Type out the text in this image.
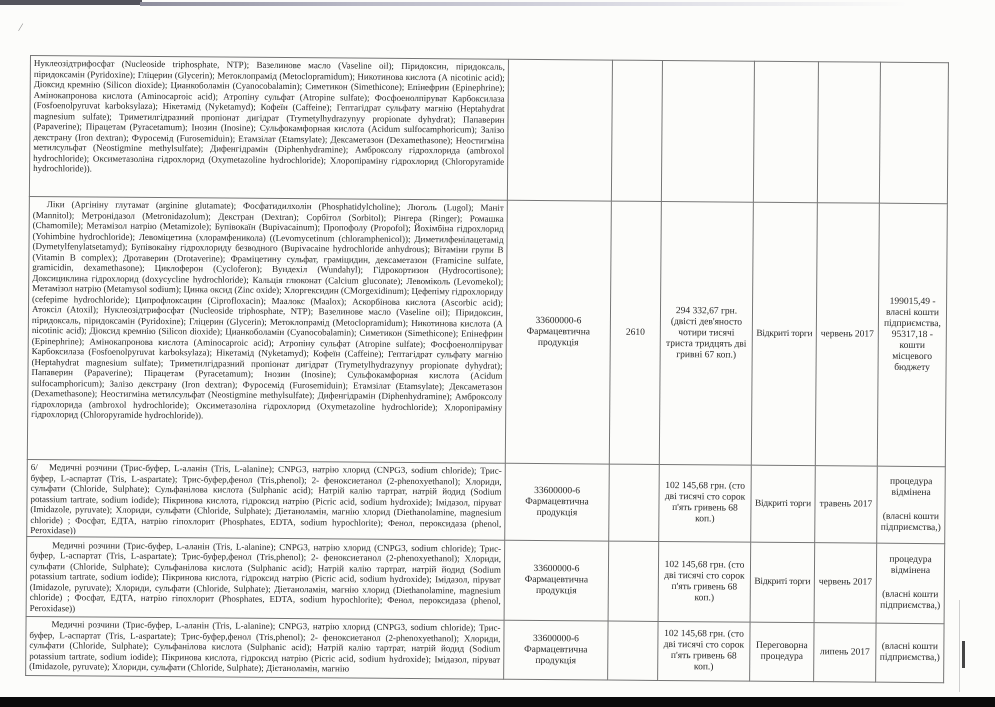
/
Нуклеозідтрифосфат (Nucleoside triphosphate, NTP); Вазелинове масло (Vaseline oil); Піридоксин, піридоксаль, піридоксамін (Pyridoxine); Гліцерин (Glycerin); Метоклопрамід (Metoclopramidum); Никотинова кислота (А nicotinic acid); Діоксид кремнію (Silicon dioxide); Цианкоболамін (Cyanocobalamin); Симетикон (Simethicone); Епінефрин (Epinephrine); Амінокапронова кислота (Aminocaproic acid); Атропіну сульфат (Atropine sulfate); Фосфоенолпіруват Карбоксилаза (Fosfoenolpyruvat karboksylaza); Нікетамід (Nyketamyd); Кофеїн (Caffeine); Гептагідрат сульфату магнію (Heptahydrat magnesium sulfate); Триметилгідразний пропіонат дигідрат (Trymetylhydrazynyy propionate dyhydrat); Папаверин (Papaverine); Пірацетам (Pyracetamum); Інозин (Inosine); Сульфокамфорная кислота (Acidum sulfocamphoricum); Залізо декстрану (Iron dextran); Фуросемід (Furosemiduin); Етамзілат (Etamsylate); Дексаметазон (Dexamethasone); Неостигміна метилсульфат (Neostigmine methylsulfate); Дифенгідрамін (Diphenhydramine); Амброксолу гідрохлорида (ambroxol hydrochloride); Оксиметазоліна гідрохлорид (Oxymetazoline hydrochloride); Хлоропіраміну гідрохлорид (Chloropyramide hydrochloride)).						

Ліки (Аргініну глутамат (arginine glutamate); Фосфатидилхолін (Phosphatidylcholine); Люголь (Lugol); Маніт (Mannitol); Метронідазол (Metronidazolum); Декстран (Dextran); Сорбітол (Sorbitol); Рінгера (Ringer); Ромашка (Chamomile); Метамізол натрію (Metamizole); Бупівокаїн (Bupivacainum); Пропофолу (Propofol); Йохімбіна гідрохлорид (Yohimbine hydrochloride); Левоміцетина (хлорамфеникола) ((Levomycetinum (chloramphenicol)); Диметилфенілацетамід (Dymetylfenylatsetamyd); Бупівокаїну гідрохлориду безводного (Bupivacaine hydrochloride anhydrous); Вітаміни групи В (Vitamin B complex); Дротаверин (Drotaverine); Фраміцетину сульфат, граміцидин, дексаметазон (Framicine sulfate, gramicidin, dexamethasone); Циклоферон (Cycloferon); Вундехіл (Wundahyl); Гідрокортизон (Hydrocortisone); Доксициклина гідрохлорид (doxycycline hydrochloride); Кальція глюконат (Calcium gluconate); Левоміколь (Levomekol); Метамізол натрію (Metamysol sodium); Цинка оксид (Zinc oxide); Хлоргексидин (CMorgexidinum); Цефепіму гідрохлориду (cefepime hydrochloride); Ципрофлоксацин (Ciprofloxacin); Маалокс (Maalox); Аскорбінова кислота (Ascorbic acid); Атоксіл (Atoxil); Нуклеозідтрифосфат (Nucleoside triphosphate, NTP); Вазелинове масло (Vaseline oil); Піридоксин, піридоксаль, піридоксамін (Pyridoxine); Гліцерин (Glycerin); Метоклопрамід (Metoclopramidum); Никотинова кислота (А nicotinic acid); Діоксид кремнію (Silicon dioxide); Цианкоболамін (Cyanocobalamin); Симетикон (Simethicone); Епінефрин (Epinephrine); Амінокапронова кислота (Aminocaproic acid); Атропіну сульфат (Atropine sulfate); Фосфоенолпіруват Карбоксилаза (Fosfoenolpyruvat karboksylaza); Нікетамід (Nyketamyd); Кофеїн (Caffeine); Гептагідрат сульфату магнію (Heptahydrat magnesium sulfate); Триметилгідразний пропіонат дигідрат (Trymetylhydrazynyy propionate dyhydrat); Папаверин (Papaverine); Пірацетам (Pyracetamum); Інозин (Inosine); Сульфокамфорная кислота (Acidum sulfocamphoricum); Залізо декстрану (Iron dextran); Фуросемід (Furosemiduin); Етамзілат (Etamsylate); Дексаметазон (Dexamethasone); Неостигміна метилсульфат (Neostigmine methylsulfate); Дифенгідрамін (Diphenhydramine); Амброксолу гідрохлорида (ambroxol hydrochloride); Оксиметазоліна гідрохлорид (Oxymetazoline hydrochloride); Хлоропіраміну гідрохлорид (Chloropyramide hydrochloride)).	33600000-6 Фармацевтична продукція	2610	294 332,67 грн. (двісті дев'яносто чотири тисячі триста тридцять дві гривні 67 коп.)	Відкриті торги	червень 2017	199015,49 - власні кошти підприємства, 95317,18 - кошти місцевого бюджету

6/   Медичні розчини (Трис-буфер, L-аланін (Tris, L-alanine); CNPG3, натрію хлорид (CNPG3, sodium chloride); Трис-буфер, L-аспартат (Tris, L-aspartate); Трис-буфер,фенол (Tris,phenol); 2- феноксиетанол (2-phenoxyethanol); Хлориди, сульфати (Chloride, Sulphate); Сульфанілова кислота (Sulphanic acid); Натрій калію тартрат, натрій йодид (Sodium potassium tartrate, sodium iodide); Пікринова кислота, гідроксид натрію (Picric acid, sodium hydroxide); Імідазол, піруват (Imidazole, pyruvate); Хлориди, сульфати (Chloride, Sulphate); Діетаноламін, магнію хлорид (Diethanolamine, magnesium chloride) ; Фосфат, ЕДТА, натрію гіпохлорит (Phosphates, EDTA, sodium hypochlorite); Фенол, пероксидаза (phenol, Peroxidase))	33600000-6 Фармацевтична продукція		102 145,68 грн. (сто дві тисячі сто сорок п'ять гривень 68 коп.)	Відкриті торги	травень 2017	процедура відмінена
(власні кошти підприємства,)

Медичні розчини (Трис-буфер, L-аланін (Tris, L-alanine); CNPG3, натрію хлорид (CNPG3, sodium chloride); Трис-буфер, L-аспартат (Tris, L-aspartate); Трис-буфер,фенол (Tris,phenol); 2- феноксиетанол (2-phenoxyethanol); Хлориди, сульфати (Chloride, Sulphate); Сульфанілова кислота (Sulphanic acid); Натрій калію тартрат, натрій йодид (Sodium potassium tartrate, sodium iodide); Пікринова кислота, гідроксид натрію (Picric acid, sodium hydroxide); Імідазол, піруват (Imidazole, pyruvate); Хлориди, сульфати (Chloride, Sulphate); Діетаноламін, магнію хлорид (Diethanolamine, magnesium chloride) ; Фосфат, ЕДТА, натрію гіпохлорит (Phosphates, EDTA, sodium hypochlorite); Фенол, пероксидаза (phenol, Peroxidase))	33600000-6 Фармацевтична продукція		102 145,68 грн. (сто дві тисячі сто сорок п'ять гривень 68 коп.)	Відкриті торги	червень 2017	процедура відмінена
(власні кошти підприємства,)

Медичні розчини (Трис-буфер, L-аланін (Tris, L-alanine); CNPG3, натрію хлорид (CNPG3, sodium chloride); Трис-буфер, L-аспартат (Tris, L-aspartate); Трис-буфер,фенол (Tris,phenol); 2- феноксиетанол (2-phenoxyethanol); Хлориди, сульфати (Chloride, Sulphate); Сульфанілова кислота (Sulphanic acid); Натрій калію тартрат, натрій йодид (Sodium potassium tartrate, sodium iodide); Пікринова кислота, гідроксид натрію (Picric acid, sodium hydroxide); Імідазол, піруват (Imidazole, pyruvate); Хлориди, сульфати (Chloride, Sulphate); Дієтаноламін, магнію	33600000-6 Фармацевтична продукція		102 145,68 грн. (сто дві тисячі сто сорок п'ять гривень 68 коп.)	Переговорна процедура	липень 2017	(власні кошти підприємства,)
